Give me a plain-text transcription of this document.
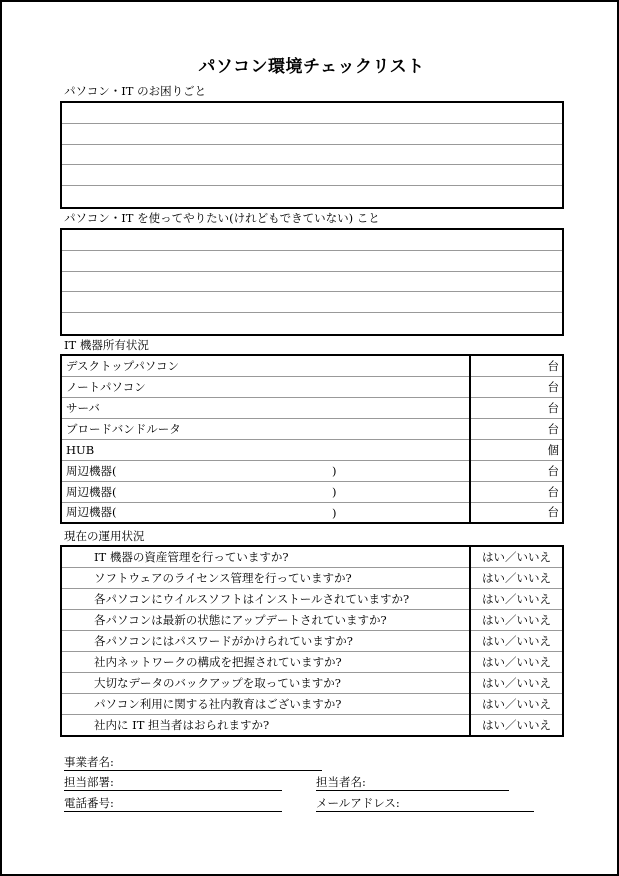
パソコン環境チェックリスト
パソコン・IT のお困りごと
パソコン・IT を使ってやりたい(けれどもできていない) こと
IT 機器所有状況
デスクトップパソコン	台
ノートパソコン	台
サーバ	台
ブロードバンドルータ	台
HUB	個
周辺機器( )	台
周辺機器( )	台
周辺機器( )	台
現在の運用状況
IT 機器の資産管理を行っていますか?	はい／いいえ
ソフトウェアのライセンス管理を行っていますか?	はい／いいえ
各パソコンにウイルスソフトはインストールされていますか?	はい／いいえ
各パソコンは最新の状態にアップデートされていますか?	はい／いいえ
各パソコンにはパスワードがかけられていますか?	はい／いいえ
社内ネットワークの構成を把握されていますか?	はい／いいえ
大切なデータのバックアップを取っていますか?	はい／いいえ
パソコン利用に関する社内教育はございますか?	はい／いいえ
社内に IT 担当者はおられますか?	はい／いいえ
事業者名:
担当部署:	担当者名:
電話番号:	メールアドレス:
